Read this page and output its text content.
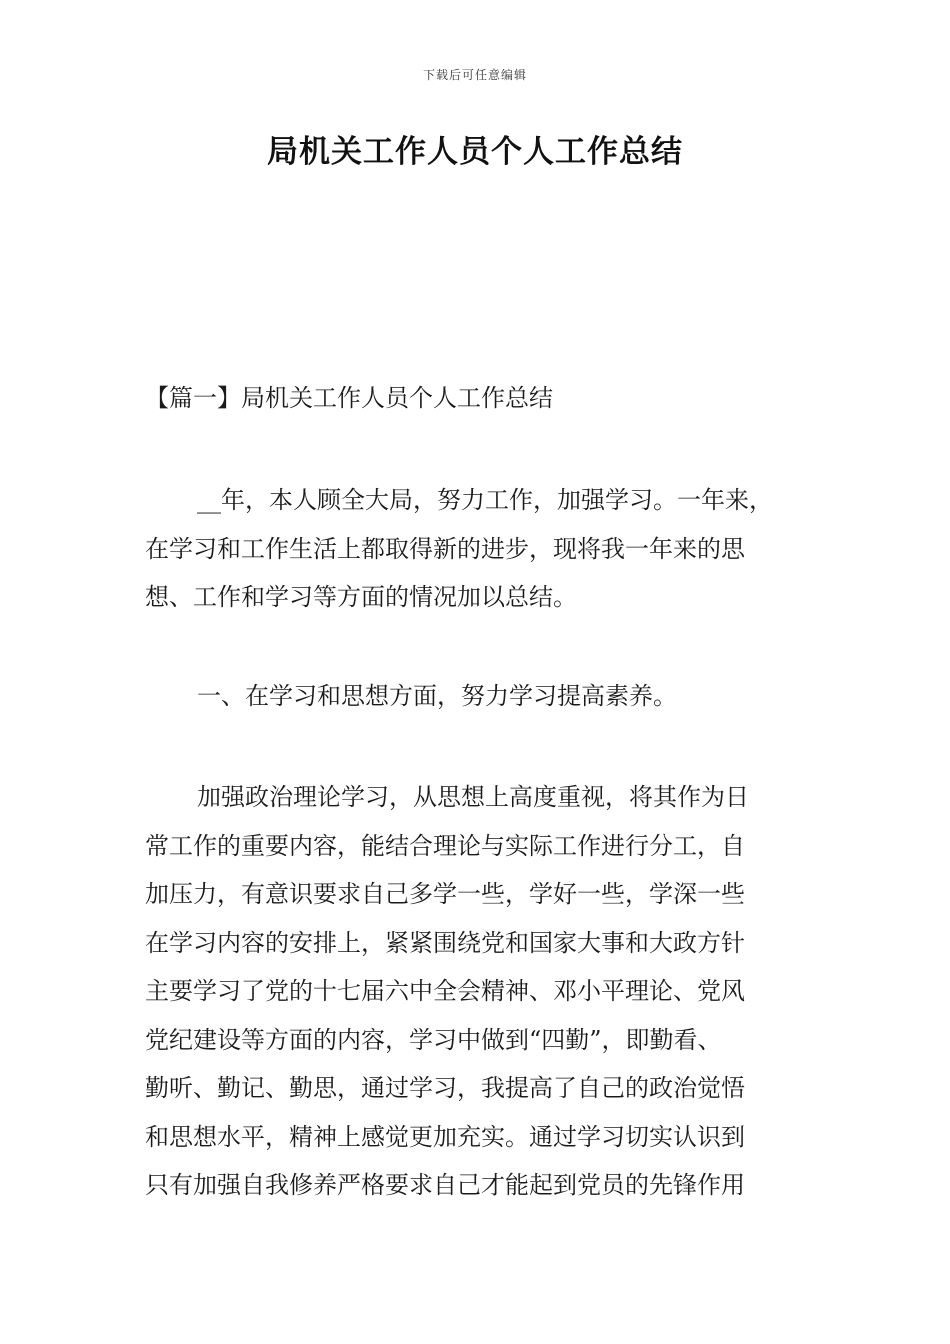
下载后可任意编辑
局机关工作人员个人工作总结
【篇一】局机关工作人员个人工作总结
__年，本人顾全大局，努力工作，加强学习。一年来，
在学习和工作生活上都取得新的进步，现将我一年来的思
想、工作和学习等方面的情况加以总结。
一、在学习和思想方面，努力学习提高素养。
加强政治理论学习，从思想上高度重视，将其作为日
常工作的重要内容，能结合理论与实际工作进行分工，自
加压力，有意识要求自己多学一些，学好一些，学深一些
在学习内容的安排上，紧紧围绕党和国家大事和大政方针
主要学习了党的十七届六中全会精神、邓小平理论、党风
党纪建设等方面的内容，学习中做到“四勤”，即勤看、
勤听、勤记、勤思，通过学习，我提高了自己的政治觉悟
和思想水平，精神上感觉更加充实。通过学习切实认识到
只有加强自我修养严格要求自己才能起到党员的先锋作用
